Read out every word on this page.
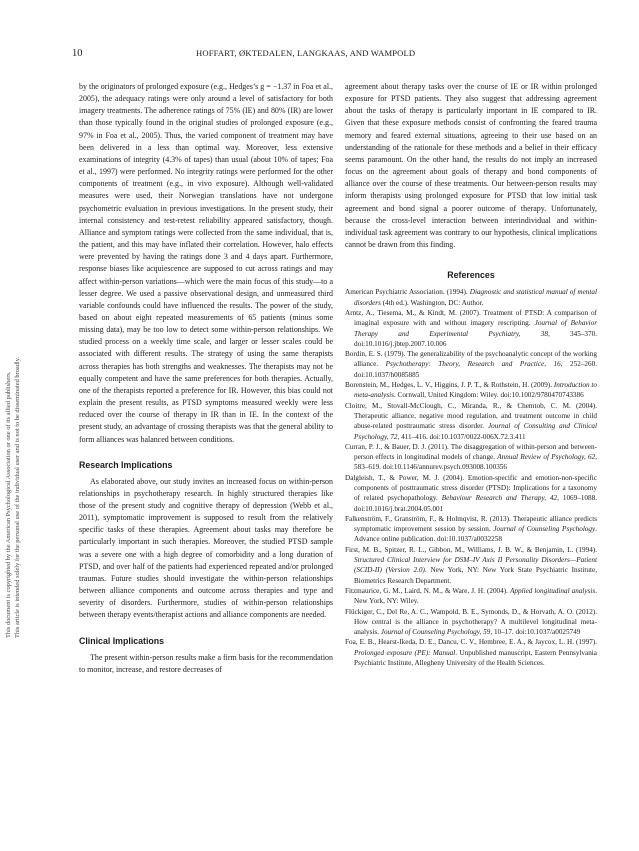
10	HOFFART, ØKTEDALEN, LANGKAAS, AND WAMPOLD
This document is copyrighted by the American Psychological Association or one of its allied publishers. This article is intended solely for the personal use of the individual user and is not to be disseminated broadly.

by the originators of prolonged exposure (e.g., Hedges’s g = −1.37 in Foa et al., 2005), the adequacy ratings were only around a level of satisfactory for both imagery treatments. The adherence ratings of 75% (IE) and 80% (IR) are lower than those typically found in the original studies of prolonged exposure (e.g., 97% in Foa et al., 2005). Thus, the varied component of treatment may have been delivered in a less than optimal way. Moreover, less extensive examinations of integrity (4.3% of tapes) than usual (about 10% of tapes; Foa et al., 1997) were performed. No integrity ratings were performed for the other components of treatment (e.g., in vivo exposure). Although well-validated measures were used, their Norwegian translations have not undergone psychometric evaluation in previous investigations. In the present study, their internal consistency and test-retest reliability appeared satisfactory, though. Alliance and symptom ratings were collected from the same individual, that is, the patient, and this may have inflated their correlation. However, halo effects were prevented by having the ratings done 3 and 4 days apart. Furthermore, response biases like acquiescence are supposed to cut across ratings and may affect within-person variations—which were the main focus of this study—to a lesser degree. We used a passive observational design, and unmeasured third variable confounds could have influenced the results. The power of the study, based on about eight repeated measurements of 65 patients (minus some missing data), may be too low to detect some within-person relationships. We studied process on a weekly time scale, and larger or lesser scales could be associated with different results. The strategy of using the same therapists across therapies has both strengths and weaknesses. The therapists may not be equally competent and have the same preferences for both therapies. Actually, one of the therapists reported a preference for IR. However, this bias could not explain the present results, as PTSD symptoms measured weekly were less reduced over the course of therapy in IR than in IE. In the context of the present study, an advantage of crossing therapists was that the general ability to form alliances was balanced between conditions.

Research Implications

As elaborated above, our study invites an increased focus on within-person relationships in psychotherapy research. In highly structured therapies like those of the present study and cognitive therapy of depression (Webb et al., 2011), symptomatic improvement is supposed to result from the relatively specific tasks of these therapies. Agreement about tasks may therefore be particularly important in such therapies. Moreover, the studied PTSD sample was a severe one with a high degree of comorbidity and a long duration of PTSD, and over half of the patients had experienced repeated and/or prolonged traumas. Future studies should investigate the within-person relationships between alliance components and outcome across therapies and type and severity of disorders. Furthermore, studies of within-person relationships between therapy events/therapist actions and alliance components are needed.

Clinical Implications

The present within-person results make a firm basis for the recommendation to monitor, increase, and restore decreases of

agreement about therapy tasks over the course of IE or IR within prolonged exposure for PTSD patients. They also suggest that addressing agreement about the tasks of therapy is particularly important in IE compared to IR. Given that these exposure methods consist of confronting the feared trauma memory and feared external situations, agreeing to their use based on an understanding of the rationale for these methods and a belief in their efficacy seems paramount. On the other hand, the results do not imply an increased focus on the agreement about goals of therapy and bond components of alliance over the course of these treatments. Our between-person results may inform therapists using prolonged exposure for PTSD that low initial task agreement and bond signal a poorer outcome of therapy. Unfortunately, because the cross-level interaction between interindividual and within-individual task agreement was contrary to our hypothesis, clinical implications cannot be drawn from this finding.

References
American Psychiatric Association. (1994). Diagnostic and statistical manual of mental disorders (4th ed.). Washington, DC: Author.
Arntz, A., Tiesema, M., & Kindt, M. (2007). Treatment of PTSD: A comparison of imaginal exposure with and without imagery rescripting. Journal of Behavior Therapy and Experimental Psychiatry, 38, 345–370. doi:10.1016/j.jbtep.2007.10.006
Bordin, E. S. (1979). The generalizability of the psychoanalytic concept of the working alliance. Psychotherapy: Theory, Research and Practice, 16, 252–260. doi:10.1037/h0085885
Borenstein, M., Hedges, L. V., Higgins, J. P. T., & Rothstein, H. (2009). Introduction to meta-analysis. Cornwall, United Kingdom: Wiley. doi:10.1002/9780470743386
Cloitre, M., Stovall-McClough, C., Miranda, R., & Chemtob, C. M. (2004). Therapeutic alliance, negative mood regulation, and treatment outcome in child abuse-related posttraumatic stress disorder. Journal of Consulting and Clinical Psychology, 72, 411–416. doi:10.1037/0022-006X.72.3.411
Curran, P. J., & Bauer, D. J. (2011). The disaggregation of within-person and between-person effects in longitudinal models of change. Annual Review of Psychology, 62, 583–619. doi:10.1146/annurev.psych.093008.100356
Dalgleish, T., & Power, M. J. (2004). Emotion-specific and emotion-non-specific components of posttraumatic stress disorder (PTSD): Implications for a taxonomy of related psychopathology. Behaviour Research and Therapy, 42, 1069–1088. doi:10.1016/j.brat.2004.05.001
Falkenström, F., Granström, F., & Holmqvist, R. (2013). Therapeutic alliance predicts symptomatic improvement session by session. Journal of Counseling Psychology. Advance online publication. doi:10.1037/a0032258
First, M. B., Spitzer, R. L., Gibbon, M., Williams, J. B. W., & Benjamin, L. (1994). Structured Clinical Interview for DSM–IV Axis II Personality Disorders—Patient (SCID-II) (Version 2.0). New York, NY: New York State Psychiatric Institute, Biometrics Research Department.
Fitzmaurice, G. M., Laird, N. M., & Ware, J. H. (2004). Applied longitudinal analysis. New York, NY: Wiley.
Flückiger, C., Del Re, A. C., Wampold, B. E., Symonds, D., & Horvath, A. O. (2012). How central is the alliance in psychotherapy? A multilevel longitudinal meta-analysis. Journal of Counseling Psychology, 59, 10–17. doi:10.1037/a0025749
Foa, E. B., Hearst-Ikeda, D. E., Dancu, C. V., Hembree, E. A., & Jaycox, L. H. (1997). Prolonged exposure (PE): Manual. Unpublished manuscript, Eastern Pennsylvania Psychiatric Institute, Allegheny University of the Health Sciences.
